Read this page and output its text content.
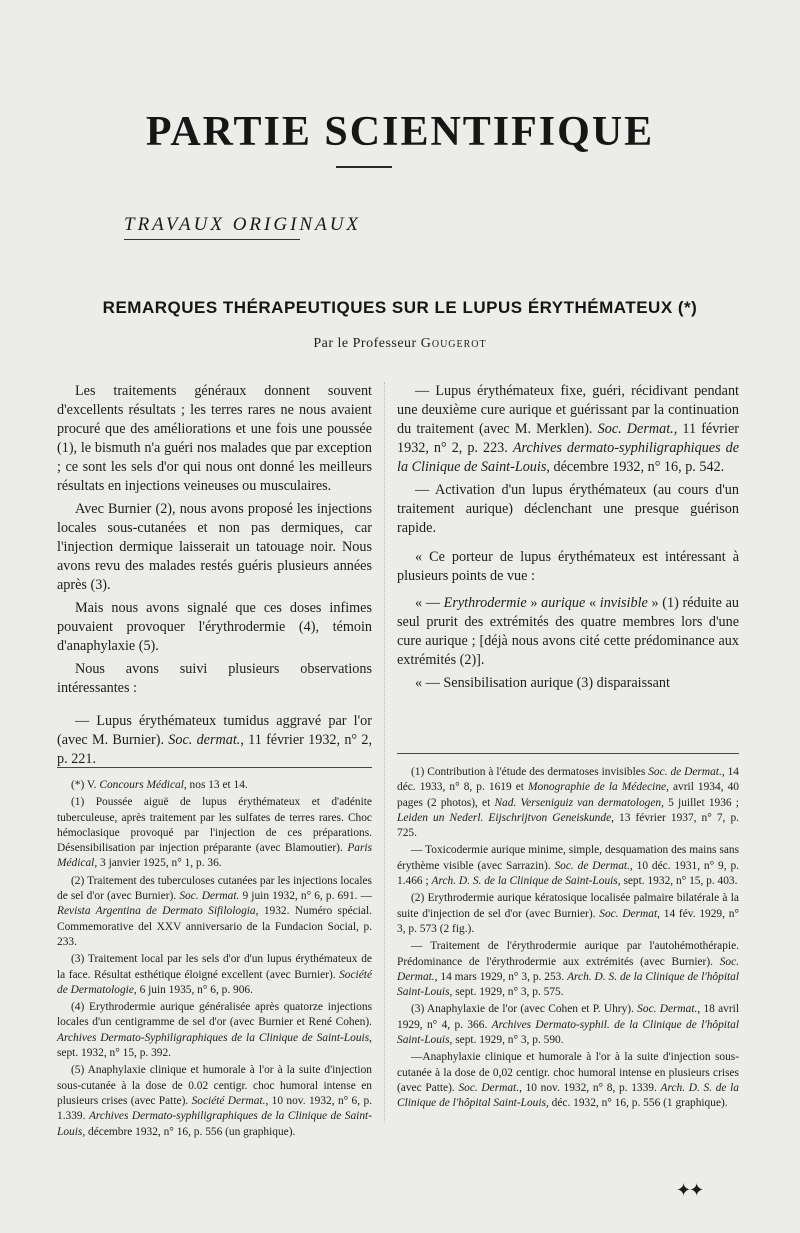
PARTIE SCIENTIFIQUE
TRAVAUX ORIGINAUX
REMARQUES THÉRAPEUTIQUES SUR LE LUPUS ÉRYTHÉMATEUX (*)
Par le Professeur Gougerot

Les traitements généraux donnent souvent d'excellents résultats ; les terres rares ne nous avaient procuré que des améliorations et une fois une poussée (1), le bismuth n'a guéri nos malades que par exception ; ce sont les sels d'or qui nous ont donné les meilleurs résultats en injections veineuses ou musculaires.

Avec Burnier (2), nous avons proposé les injections locales sous-cutanées et non pas dermiques, car l'injection dermique laisserait un tatouage noir. Nous avons revu des malades restés guéris plusieurs années après (3).

Mais nous avons signalé que ces doses infimes pouvaient provoquer l'érythrodermie (4), témoin d'anaphylaxie (5).

Nous avons suivi plusieurs observations intéressantes :

— Lupus érythémateux tumidus aggravé par l'or (avec M. Burnier). Soc. dermat., 11 février 1932, n° 2, p. 221.

— Lupus érythémateux fixe, guéri, récidivant pendant une deuxième cure aurique et guérissant par la continuation du traitement (avec M. Merklen). Soc. Dermat., 11 février 1932, n° 2, p. 223. Archives dermato-syphiligraphiques de la Clinique de Saint-Louis, décembre 1932, n° 16, p. 542.

— Activation d'un lupus érythémateux (au cours d'un traitement aurique) déclenchant une presque guérison rapide.

« Ce porteur de lupus érythémateux est intéressant à plusieurs points de vue :

« — Erythrodermie » aurique « invisible » (1) réduite au seul prurit des extrémités des quatre membres lors d'une cure aurique ; [déjà nous avons cité cette prédominance aux extrémités (2)].

« — Sensibilisation aurique (3) disparaissant

(*) V. Concours Médical, nos 13 et 14.

(1) Poussée aiguë de lupus érythémateux et d'adénite tuberculeuse, après traitement par les sulfates de terres rares. Choc hémoclasique provoqué par l'injection de ces préparations. Désensibilisation par injection préparante (avec Blamoutier). Paris Médical, 3 janvier 1925, n° 1, p. 36.

(2) Traitement des tuberculoses cutanées par les injections locales de sel d'or (avec Burnier). Soc. Dermat. 9 juin 1932, n° 6, p. 691. — Revista Argentina de Dermato Sifilologia, 1932. Numéro spécial. Commemorative del XXV anniversario de la Fundacion Social, p. 233.

(3) Traitement local par les sels d'or d'un lupus érythémateux de la face. Résultat esthétique éloigné excellent (avec Burnier). Société de Dermatologie, 6 juin 1935, n° 6, p. 906.

(4) Erythrodermie aurique généralisée après quatorze injections locales d'un centigramme de sel d'or (avec Burnier et René Cohen). Archives Dermato-Syphiligraphiques de la Clinique de Saint-Louis, sept. 1932, n° 15, p. 392.

(5) Anaphylaxie clinique et humorale à l'or à la suite d'injection sous-cutanée à la dose de 0.02 centigr. choc humoral intense en plusieurs crises (avec Patte). Société Dermat., 10 nov. 1932, n° 6, p. 1.339. Archives Dermato-syphiligraphiques de la Clinique de Saint-Louis, décembre 1932, n° 16, p. 556 (un graphique).

(1) Contribution à l'étude des dermatoses invisibles Soc. de Dermat., 14 déc. 1933, n° 8, p. 1619 et Monographie de la Médecine, avril 1934, 40 pages (2 photos), et Nad. Verseniguiz van dermatologen, 5 juillet 1936 ; Leiden un Nederl. Eijschrijtvon Geneiskunde, 13 février 1937, n° 7, p. 725.

— Toxicodermie aurique minime, simple, desquamation des mains sans érythème visible (avec Sarrazin). Soc. de Dermat., 10 déc. 1931, n° 9, p. 1.466 ; Arch. D. S. de la Clinique de Saint-Louis, sept. 1932, n° 15, p. 403.

(2) Erythrodermie aurique kératosique localisée palmaire bilatérale à la suite d'injection de sel d'or (avec Burnier). Soc. Dermat, 14 fév. 1929, n° 3, p. 573 (2 fig.).

— Traitement de l'érythrodermie aurique par l'autohémothérapie. Prédominance de l'érythrodermie aux extrémités (avec Burnier). Soc. Dermat., 14 mars 1929, n° 3, p. 253. Arch. D. S. de la Clinique de l'hôpital Saint-Louis, sept. 1929, n° 3, p. 575.

(3) Anaphylaxie de l'or (avec Cohen et P. Uhry). Soc. Dermat., 18 avril 1929, n° 4, p. 366. Archives Dermato-syphil. de la Clinique de l'hôpital Saint-Louis, sept. 1929, n° 3, p. 590.

—Anaphylaxie clinique et humorale à l'or à la suite d'injection sous-cutanée à la dose de 0,02 centigr. choc humoral intense en plusieurs crises (avec Patte). Soc. Dermat., 10 nov. 1932, n° 8, p. 1339. Arch. D. S. de la Clinique de l'hôpital Saint-Louis, déc. 1932, n° 16, p. 556 (1 graphique).

✦✦
